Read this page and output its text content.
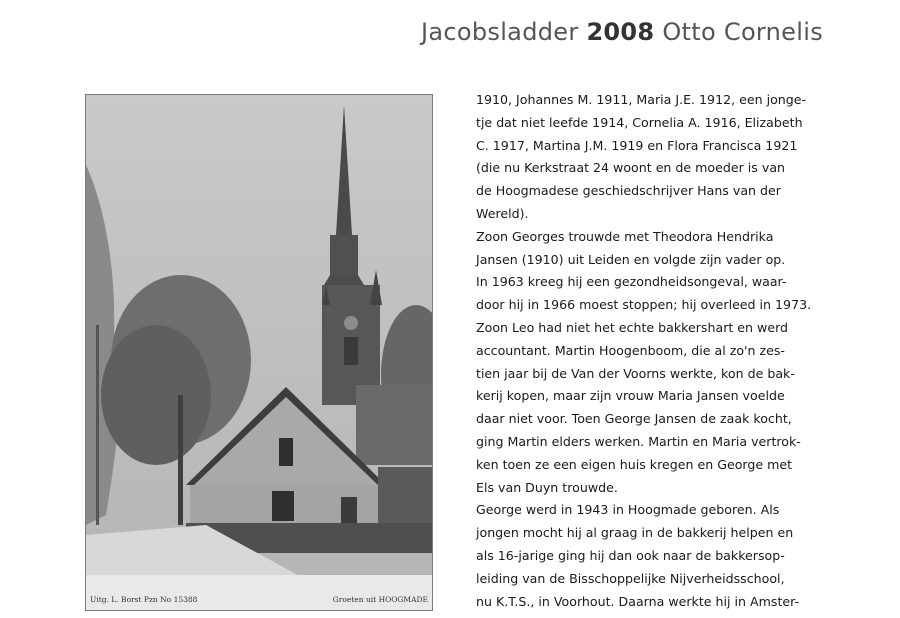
Jacobsladder 2008 Otto Cornelis
Uitg. L. Borst Pzn No 15388	Groeten uit HOOGMADE

1910, Johannes M. 1911, Maria J.E. 1912, een jonge-

tje dat niet leefde 1914, Cornelia A. 1916, Elizabeth

C. 1917, Martina J.M. 1919 en Flora Francisca 1921

(die nu Kerkstraat 24 woont en de moeder is van

de Hoogmadese geschiedschrijver Hans van der

Wereld).

Zoon Georges trouwde met Theodora Hendrika

Jansen (1910) uit Leiden en volgde zijn vader op.

In 1963 kreeg hij een gezondheidsongeval, waar-

door hij in 1966 moest stoppen; hij overleed in 1973.

Zoon Leo had niet het echte bakkershart en werd

accountant. Martin Hoogenboom, die al zo'n zes-

tien jaar bij de Van der Voorns werkte, kon de bak-

kerij kopen, maar zijn vrouw Maria Jansen voelde

daar niet voor. Toen George Jansen de zaak kocht,

ging Martin elders werken. Martin en Maria vertrok-

ken toen ze een eigen huis kregen en George met

Els van Duyn trouwde.

George werd in 1943 in Hoogmade geboren. Als

jongen mocht hij al graag in de bakkerij helpen en

als 16-jarige ging hij dan ook naar de bakkersop-

leiding van de Bisschoppelijke Nijverheidsschool,

nu K.T.S., in Voorhout. Daarna werkte hij in Amster-
